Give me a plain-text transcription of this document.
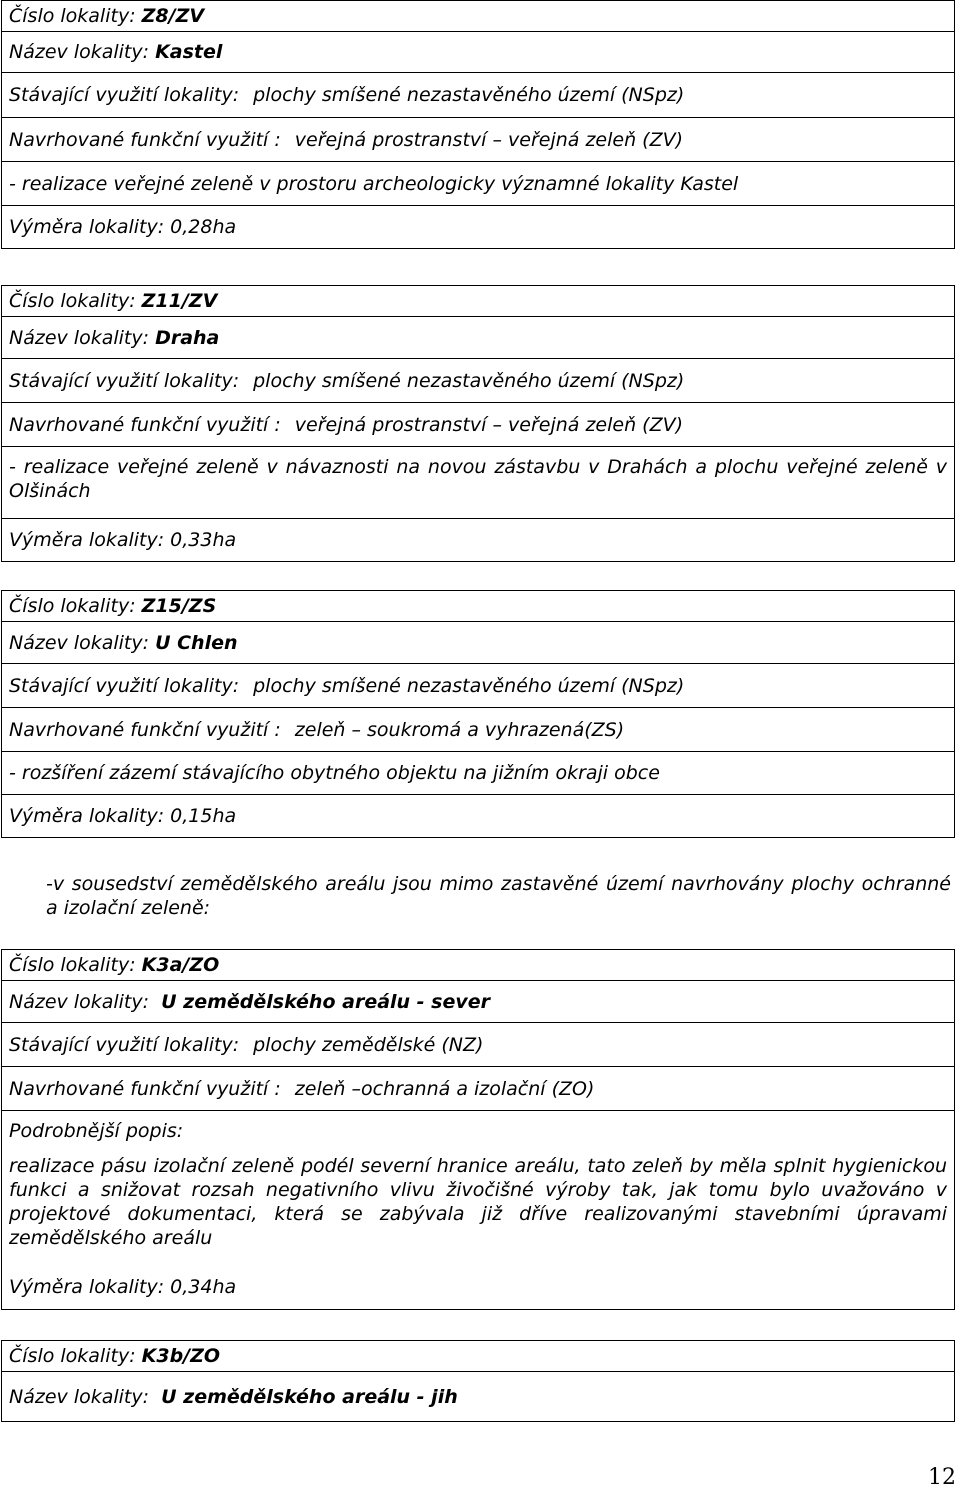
Číslo lokality:
Z8/ZV
Název lokality:
Kastel
Stávající využití lokality: plochy smíšené nezastavěného území (NSpz)
Navrhované funkční využití : veřejná prostranství – veřejná zeleň (ZV)
- realizace veřejné zeleně v prostoru archeologicky významné lokality Kastel
Výměra lokality: 0,28ha
Číslo lokality:
Z11/ZV
Název lokality:
Draha
Stávající využití lokality: plochy smíšené nezastavěného území (NSpz)
Navrhované funkční využití : veřejná prostranství – veřejná zeleň (ZV)
- realizace veřejné zeleně v návaznosti na novou zástavbu v Drahách a plochu veřejné zeleně v Olšinách
Výměra lokality: 0,33ha
Číslo lokality:
Z15/ZS
Název lokality:
U Chlen
Stávající využití lokality: plochy smíšené nezastavěného území (NSpz)
Navrhované funkční využití : zeleň – soukromá a vyhrazená(ZS)
- rozšíření zázemí stávajícího obytného objektu na jižním okraji obce
Výměra lokality: 0,15ha
-v sousedství zemědělského areálu jsou mimo zastavěné území navrhovány plochy ochranné a izolační zeleně:
Číslo lokality:
K3a/ZO
Název lokality:
U zemědělského areálu - sever
Stávající využití lokality: plochy zemědělské (NZ)
Navrhované funkční využití : zeleň –ochranná a izolační (ZO)
Podrobnější popis:
realizace pásu izolační zeleně podél severní hranice areálu, tato zeleň by měla splnit hygienickou funkci a snižovat rozsah negativního vlivu živočišné výroby tak, jak tomu bylo uvažováno v projektové dokumentaci, která se zabývala již dříve realizovanými stavebními úpravami zemědělského areálu
Výměra lokality: 0,34ha
Číslo lokality:
K3b/ZO
Název lokality:
U zemědělského areálu - jih
12
